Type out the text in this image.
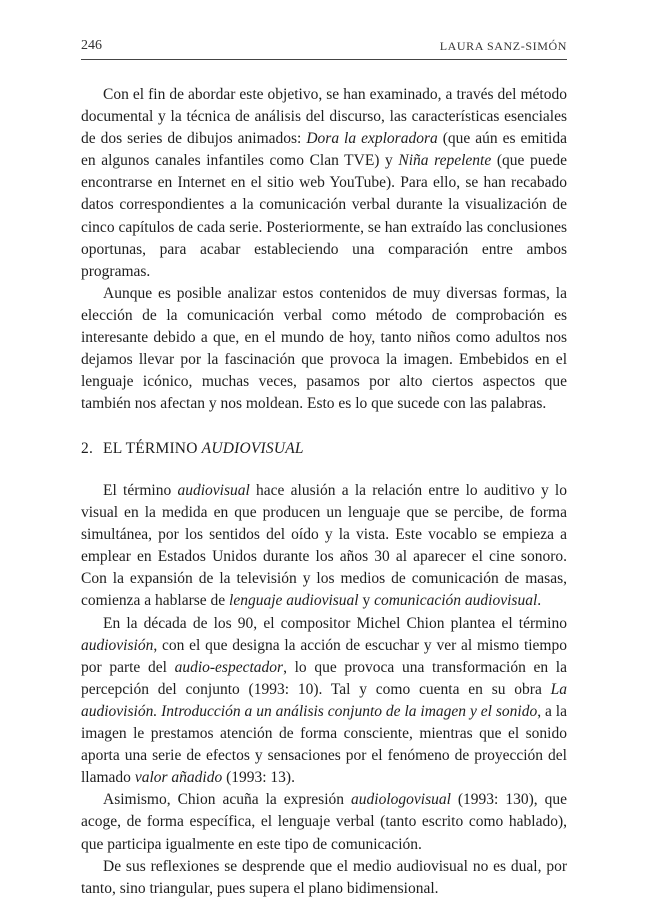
246	LAURA SANZ-SIMÓN

Con el fin de abordar este objetivo, se han examinado, a través del método documental y la técnica de análisis del discurso, las características esenciales de dos series de dibujos animados: Dora la exploradora (que aún es emitida en algunos canales infantiles como Clan TVE) y Niña repelente (que puede encontrarse en Internet en el sitio web YouTube). Para ello, se han recabado datos correspondientes a la comunicación verbal durante la visualización de cinco capítulos de cada serie. Posteriormente, se han extraído las conclusiones oportunas, para acabar estableciendo una comparación entre ambos programas.

Aunque es posible analizar estos contenidos de muy diversas formas, la elección de la comunicación verbal como método de comprobación es interesante debido a que, en el mundo de hoy, tanto niños como adultos nos dejamos llevar por la fascinación que provoca la imagen. Embebidos en el lenguaje icónico, muchas veces, pasamos por alto ciertos aspectos que también nos afectan y nos moldean. Esto es lo que sucede con las palabras.

2. EL TÉRMINO AUDIOVISUAL

El término audiovisual hace alusión a la relación entre lo auditivo y lo visual en la medida en que producen un lenguaje que se percibe, de forma simultánea, por los sentidos del oído y la vista. Este vocablo se empieza a emplear en Estados Unidos durante los años 30 al aparecer el cine sonoro. Con la expansión de la televisión y los medios de comunicación de masas, comienza a hablarse de lenguaje audiovisual y comunicación audiovisual.

En la década de los 90, el compositor Michel Chion plantea el término audiovisión, con el que designa la acción de escuchar y ver al mismo tiempo por parte del audio-espectador, lo que provoca una transformación en la percepción del conjunto (1993: 10). Tal y como cuenta en su obra La audiovisión. Introducción a un análisis conjunto de la imagen y el sonido, a la imagen le prestamos atención de forma consciente, mientras que el sonido aporta una serie de efectos y sensaciones por el fenómeno de proyección del llamado valor añadido (1993: 13).

Asimismo, Chion acuña la expresión audiologovisual (1993: 130), que acoge, de forma específica, el lenguaje verbal (tanto escrito como hablado), que participa igualmente en este tipo de comunicación.

De sus reflexiones se desprende que el medio audiovisual no es dual, por tanto, sino triangular, pues supera el plano bidimensional.
